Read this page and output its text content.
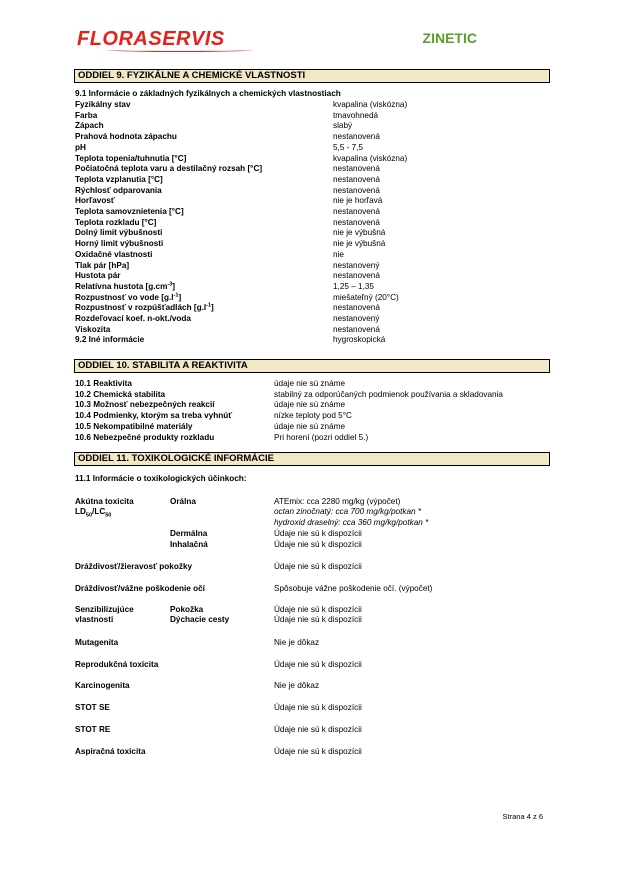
FLORASERVIS	ZINETIC
ODDIEL 9. FYZIKÁLNE A CHEMICKÉ VLASTNOSTI
9.1 Informácie o základných fyzikálnych a chemických vlastnostiach
Fyzikálny stav	kvapalina (viskózna)
Farba	tmavohnedá
Zápach	slabý
Prahová hodnota zápachu	nestanovená
pH	5,5 - 7,5
Teplota topenia/tuhnutia [°C]	kvapalina (viskózna)
Počiatočná teplota varu a destilačný rozsah [°C]	nestanovená
Teplota vzplanutia [°C]	nestanovená
Rýchlosť odparovania	nestanovená
Horľavosť	nie je horľavá
Teplota samovznietenia [°C]	nestanovená
Teplota rozkladu [°C]	nestanovená
Dolný limit výbušnosti	nie je výbušná
Horný limit výbušnosti	nie je výbušná
Oxidačné vlastnosti	nie
Tlak pár [hPa]	nestanovený
Hustota pár	nestanovená
Relatívna hustota $[g.cm^{-3}]$	1,25 – 1,35
Rozpustnosť vo vode $[g.l^{-1}]$	miešateľný (20°C)
Rozpustnosť v rozpúšťadlách $[g.l^{-1}]$	nestanovená
Rozdeľovací koef. n-okt./voda	nestanovený
Viskozita	nestanovená
9.2 Iné informácie	hygroskopická
ODDIEL 10. STABILITA A REAKTIVITA
10.1 Reaktivita	údaje nie sú známe
10.2 Chemická stabilita	stabilný za odporúčaných podmienok používania a skladovania
10.3 Možnosť nebezpečných reakcií	údaje nie sú známe
10.4 Podmienky, ktorým sa treba vyhnúť	nízke teploty pod 5°C
10.5 Nekompatibilné materiály	údaje nie sú známe
10.6 Nebezpečné produkty rozkladu	Pri horení (pozri oddiel 5.)
ODDIEL 11. TOXIKOLOGICKÉ INFORMÁCIE
11.1 Informácie o toxikologických účinkoch:
Akútna toxicita
$LD_{50}/LC_{50}$
Orálna	ATEmix: cca 2280 mg/kg (výpočet)
octan zinočnatý: cca 700 mg/kg/potkan *
hydroxid draselný: cca 360 mg/kg/potkan *
Dermálna	Údaje nie sú k dispozícii
Inhalačná	Údaje nie sú k dispozícii
Dráždivosť/žieravosť pokožky	Údaje nie sú k dispozícii
Dráždivosť/vážne poškodenie očí	Spôsobuje vážne poškodenie očí. (výpočet)
Senzibilizujúce
vlastnosti
Pokožka	Údaje nie sú k dispozícii
Dýchacie cesty	Údaje nie sú k dispozícii
Mutagenita	Nie je dôkaz
Reprodukčná toxicita	Údaje nie sú k dispozícii
Karcinogenita	Nie je dôkaz
STOT SE	Údaje nie sú k dispozícii
STOT RE	Údaje nie sú k dispozícii
Aspiračná toxicita	Údaje nie sú k dispozícii
Strana 4 z 6
